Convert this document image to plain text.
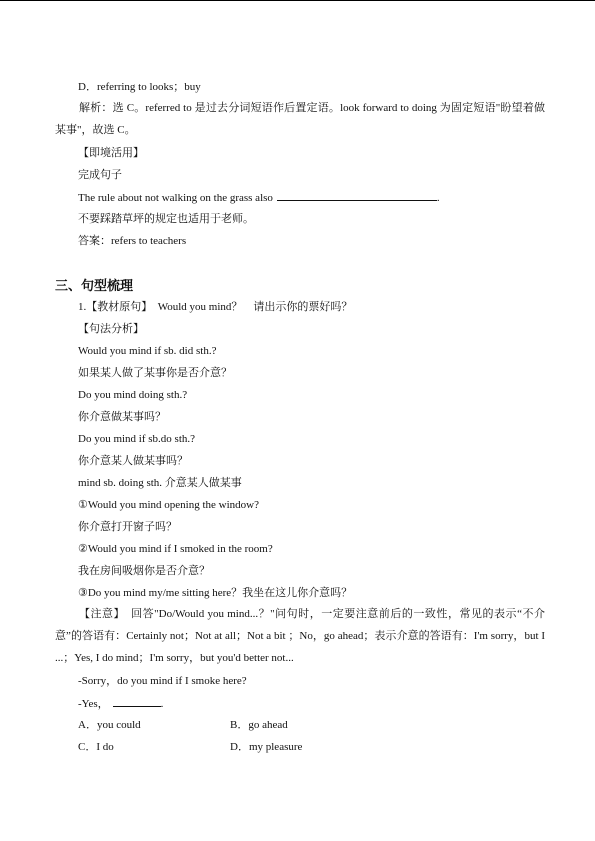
D．referring to looks；buy
解析：选 C。referred to 是过去分词短语作后置定语。look forward to doing 为固定短语"盼望着做某事"，故选 C。
【即境活用】
完成句子
The rule about not walking on the grass also	.
不要踩踏草坪的规定也适用于老师。
答案：refers to teachers
三、句型梳理
1.【教材原句】　Would you mind？　请出示你的票好吗？
【句法分析】
Would you mind if sb. did sth.?
如果某人做了某事你是否介意？
Do you mind doing sth.?
你介意做某事吗？
Do you mind if sb.do sth.?
你介意某人做某事吗？
mind sb. doing sth. 介意某人做某事
①Would you mind opening the window?
你介意打开窗子吗？
②Would you mind if I smoked in the room?
我在房间吸烟你是否介意？
③Do you mind my/me sitting here？我坐在这儿你介意吗？
【注意】　回答"Do/Would you mind...？"问句时，一定要注意前后的一致性，常见的表示“不介意”的答语有：Certainly not；Not at all；Not a bit ；No，go ahead；表示介意的答语有：I'm sorry，but I ...；Yes, I do mind；I'm sorry，but you'd better not...
-Sorry，do you mind if I smoke here?
-Yes，	.
A．you could	B．go ahead
C．I do	D．my pleasure
